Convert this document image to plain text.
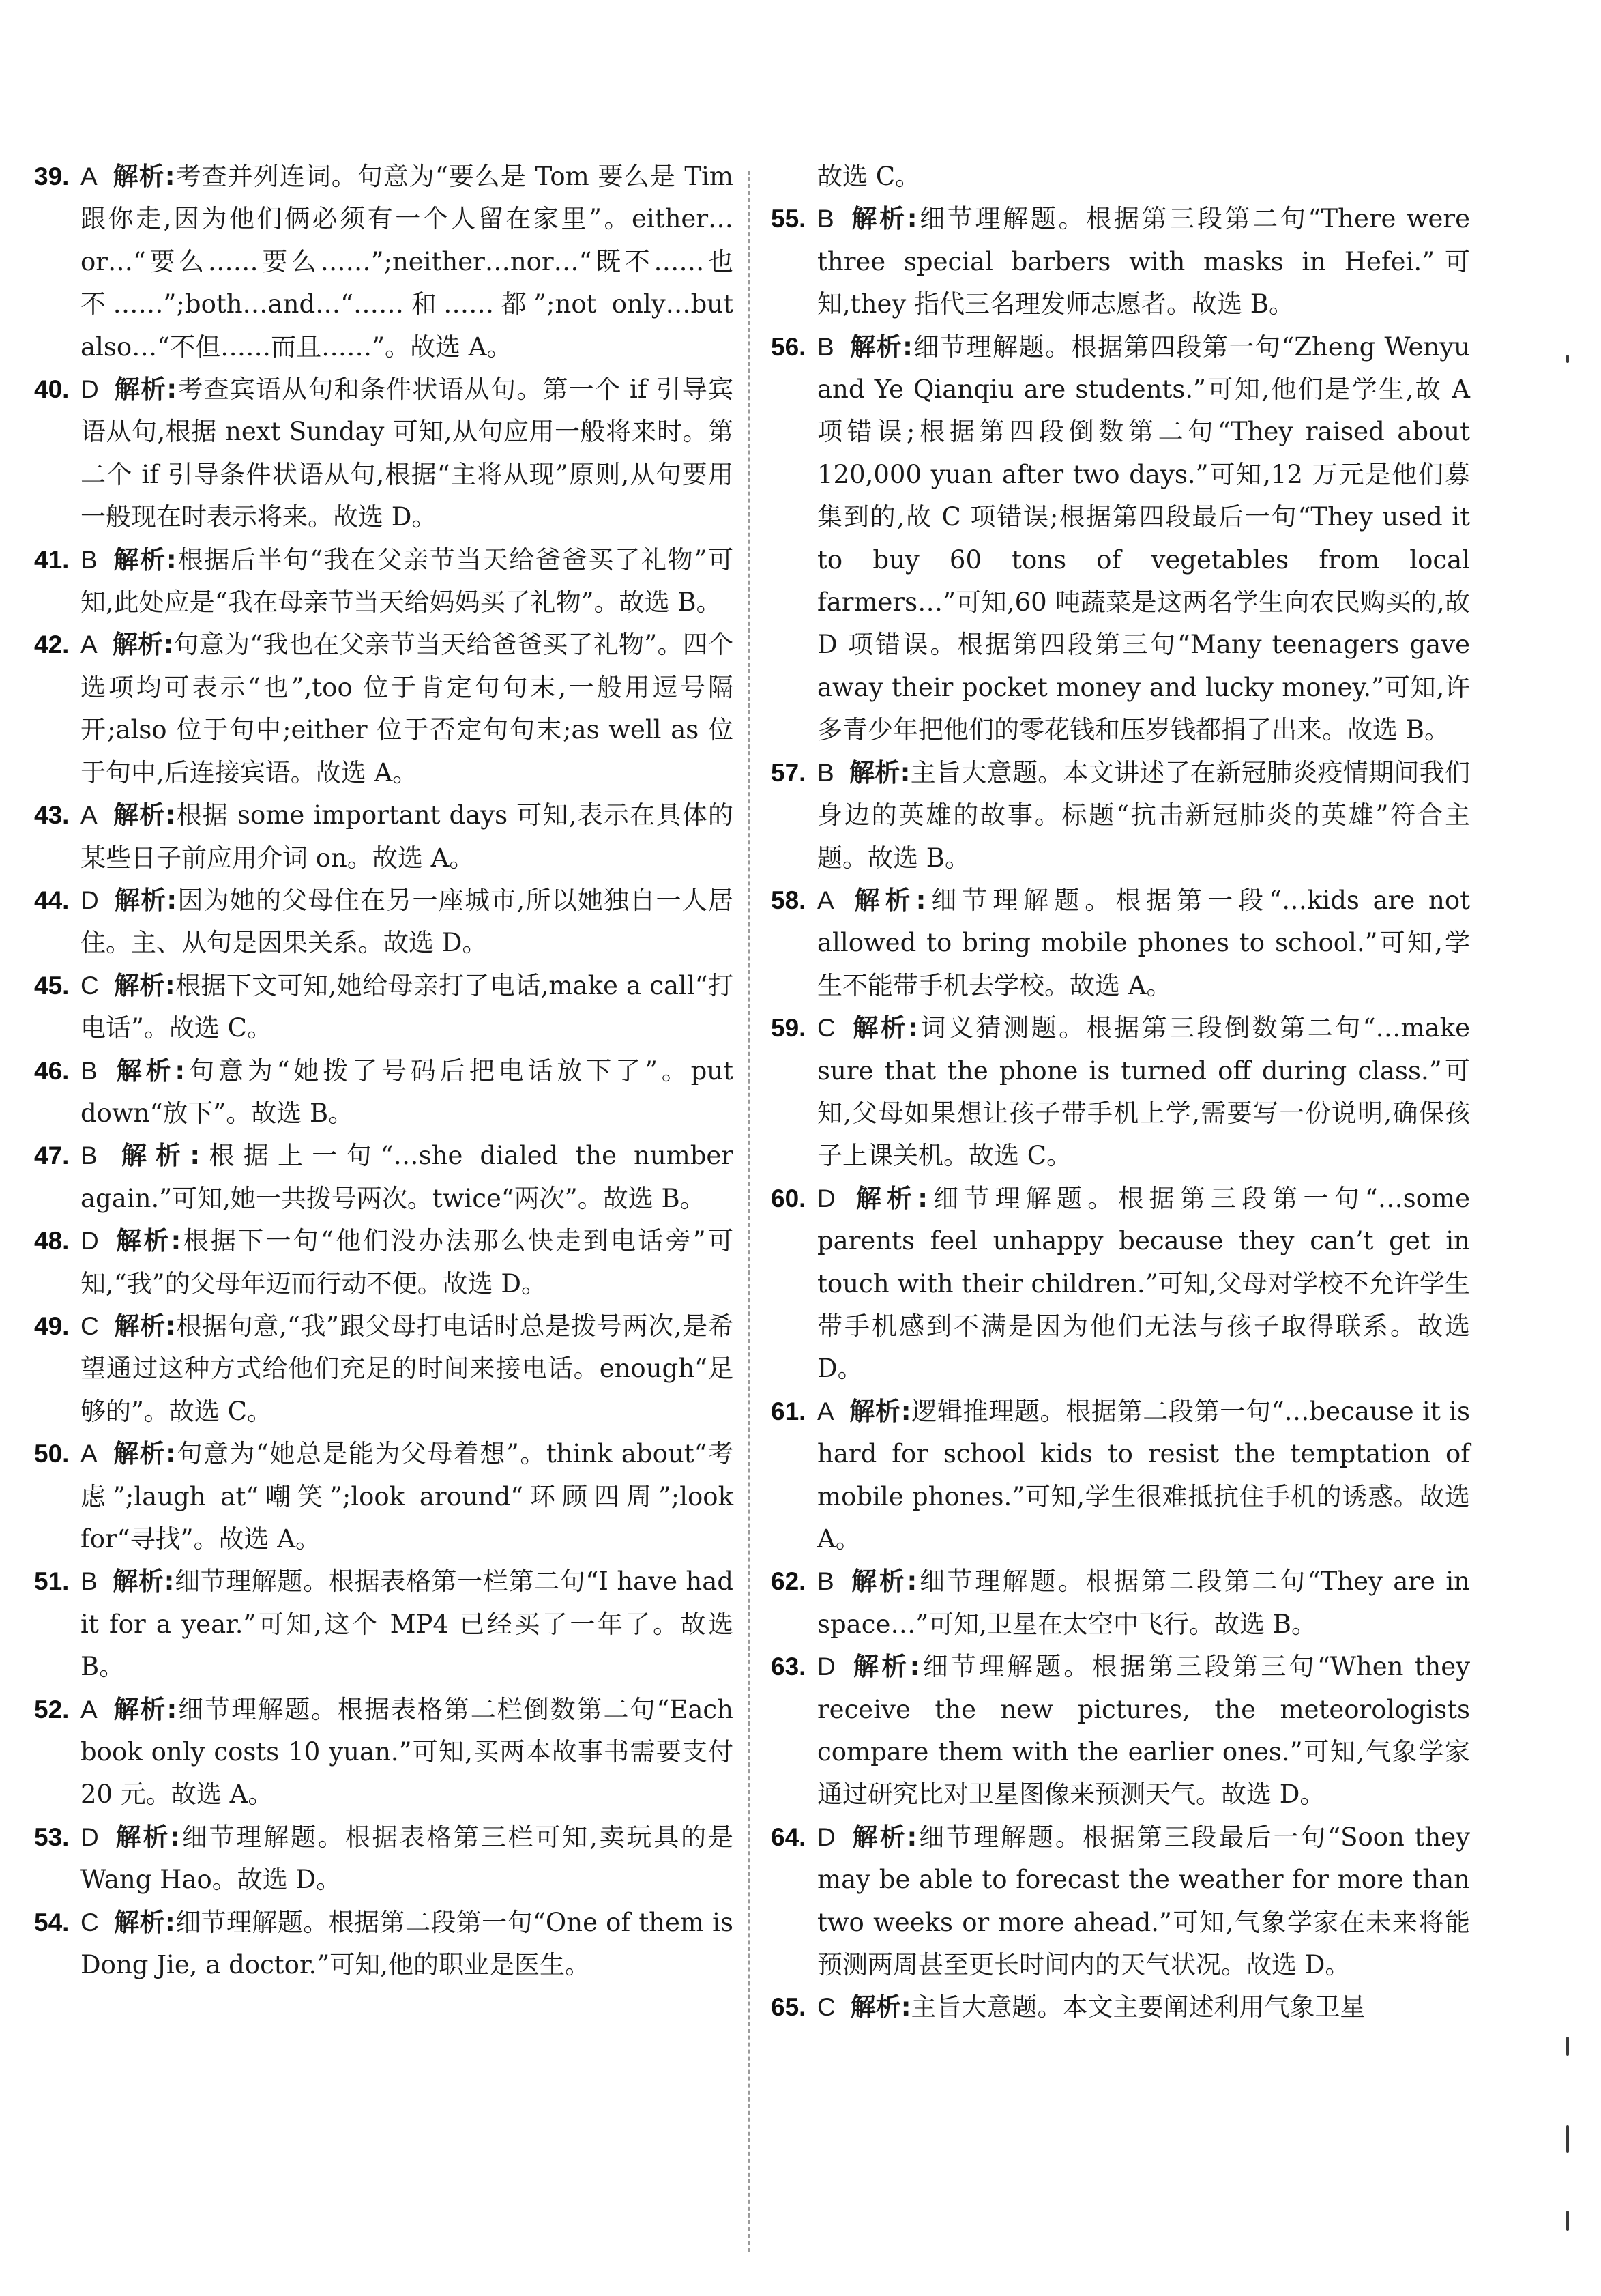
39. A 解析:考查并列连词。句意为“要么是 Tom 要么是 Tim 跟你走,因为他们俩必须有一个人留在家里”。either…or…“要么……要么……”;neither…nor…“既不……也不……”;both…and…“……和……都”;not only…but also…“不但……而且……”。故选 A。

40. D 解析:考查宾语从句和条件状语从句。第一个 if 引导宾语从句,根据 next Sunday 可知,从句应用一般将来时。第二个 if 引导条件状语从句,根据“主将从现”原则,从句要用一般现在时表示将来。故选 D。

41. B 解析:根据后半句“我在父亲节当天给爸爸买了礼物”可知,此处应是“我在母亲节当天给妈妈买了礼物”。故选 B。

42. A 解析:句意为“我也在父亲节当天给爸爸买了礼物”。四个选项均可表示“也”,too 位于肯定句句末,一般用逗号隔开;also 位于句中;either 位于否定句句末;as well as 位于句中,后连接宾语。故选 A。

43. A 解析:根据 some important days 可知,表示在具体的某些日子前应用介词 on。故选 A。

44. D 解析:因为她的父母住在另一座城市,所以她独自一人居住。主、从句是因果关系。故选 D。

45. C 解析:根据下文可知,她给母亲打了电话,make a call“打电话”。故选 C。

46. B 解析:句意为“她拨了号码后把电话放下了”。put down“放下”。故选 B。

47. B 解析:根据上一句“…she dialed the number again.”可知,她一共拨号两次。twice“两次”。故选 B。

48. D 解析:根据下一句“他们没办法那么快走到电话旁”可知,“我”的父母年迈而行动不便。故选 D。

49. C 解析:根据句意,“我”跟父母打电话时总是拨号两次,是希望通过这种方式给他们充足的时间来接电话。enough“足够的”。故选 C。

50. A 解析:句意为“她总是能为父母着想”。think about“考虑”;laugh at“嘲笑”;look around“环顾四周”;look for“寻找”。故选 A。

51. B 解析:细节理解题。根据表格第一栏第二句“I have had it for a year.”可知,这个 MP4 已经买了一年了。故选 B。

52. A 解析:细节理解题。根据表格第二栏倒数第二句“Each book only costs 10 yuan.”可知,买两本故事书需要支付 20 元。故选 A。

53. D 解析:细节理解题。根据表格第三栏可知,卖玩具的是 Wang Hao。故选 D。

54. C 解析:细节理解题。根据第二段第一句“One of them is Dong Jie, a doctor.”可知,他的职业是医生。

故选 C。

55. B 解析:细节理解题。根据第三段第二句“There were three special barbers with masks in Hefei.”可知,they 指代三名理发师志愿者。故选 B。

56. B 解析:细节理解题。根据第四段第一句“Zheng Wenyu and Ye Qianqiu are students.”可知,他们是学生,故 A 项错误;根据第四段倒数第二句“They raised about 120,000 yuan after two days.”可知,12 万元是他们募集到的,故 C 项错误;根据第四段最后一句“They used it to buy 60 tons of vegetables from local farmers…”可知,60 吨蔬菜是这两名学生向农民购买的,故 D 项错误。根据第四段第三句“Many teenagers gave away their pocket money and lucky money.”可知,许多青少年把他们的零花钱和压岁钱都捐了出来。故选 B。

57. B 解析:主旨大意题。本文讲述了在新冠肺炎疫情期间我们身边的英雄的故事。标题“抗击新冠肺炎的英雄”符合主题。故选 B。

58. A 解析:细节理解题。根据第一段“…kids are not allowed to bring mobile phones to school.”可知,学生不能带手机去学校。故选 A。

59. C 解析:词义猜测题。根据第三段倒数第二句“…make sure that the phone is turned off during class.”可知,父母如果想让孩子带手机上学,需要写一份说明,确保孩子上课关机。故选 C。

60. D 解析:细节理解题。根据第三段第一句“…some parents feel unhappy because they can’t get in touch with their children.”可知,父母对学校不允许学生带手机感到不满是因为他们无法与孩子取得联系。故选 D。

61. A 解析:逻辑推理题。根据第二段第一句“…because it is hard for school kids to resist the temptation of mobile phones.”可知,学生很难抵抗住手机的诱惑。故选 A。

62. B 解析:细节理解题。根据第二段第二句“They are in space…”可知,卫星在太空中飞行。故选 B。

63. D 解析:细节理解题。根据第三段第三句“When they receive the new pictures, the meteorologists compare them with the earlier ones.”可知,气象学家通过研究比对卫星图像来预测天气。故选 D。

64. D 解析:细节理解题。根据第三段最后一句“Soon they may be able to forecast the weather for more than two weeks or more ahead.”可知,气象学家在未来将能预测两周甚至更长时间内的天气状况。故选 D。

65. C 解析:主旨大意题。本文主要阐述利用气象卫星
